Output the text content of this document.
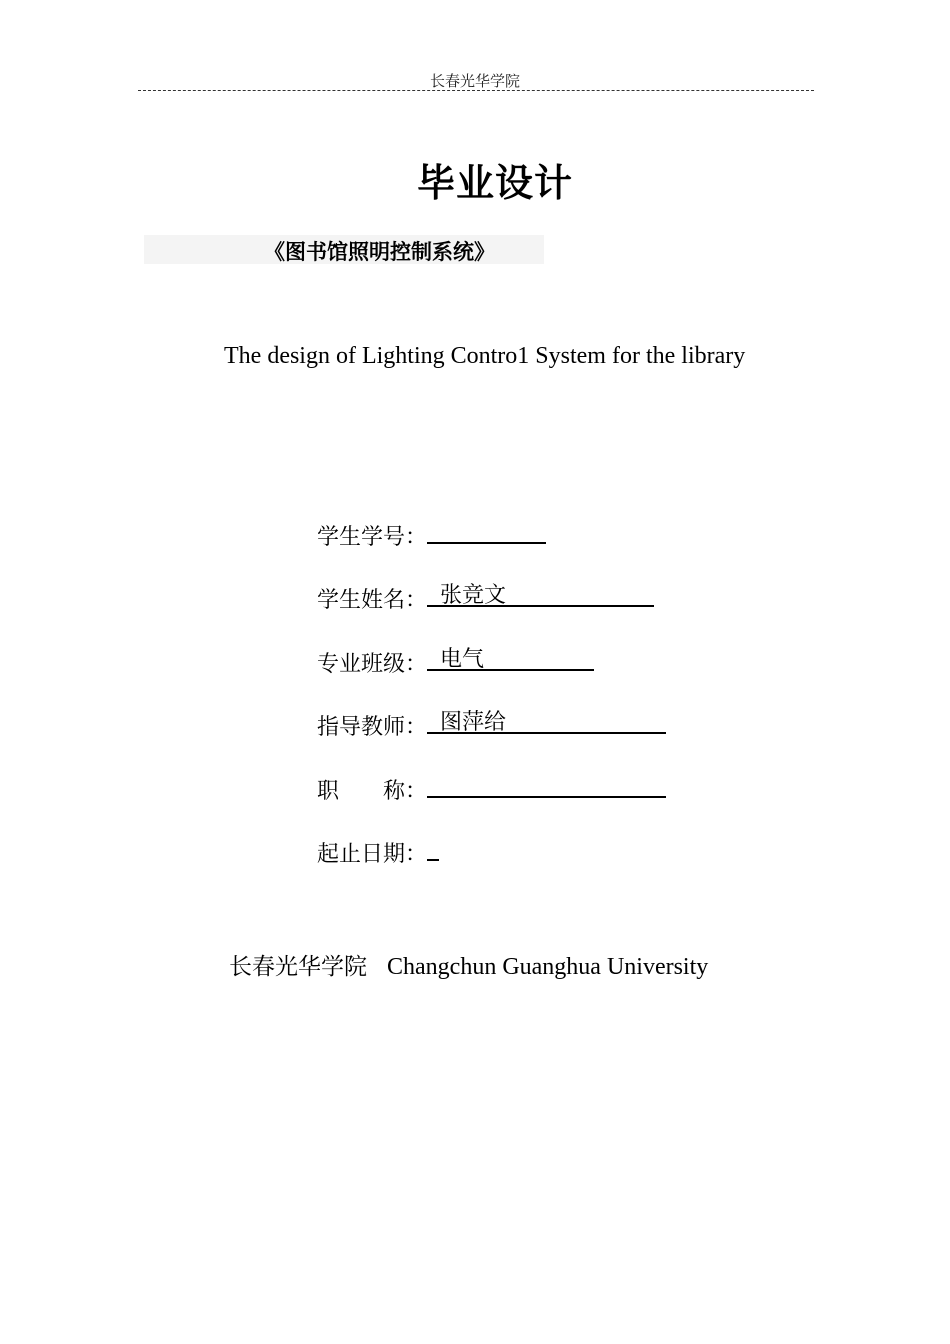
长春光华学院
毕业设计
《图书馆照明控制系统》
The design of Lighting Contro1 System for the library
学生学号：
学生姓名： 张竞文
专业班级： 电气
指导教师： 图萍给
职　　称：
起止日期：
长春光华学院 Changchun Guanghua University
